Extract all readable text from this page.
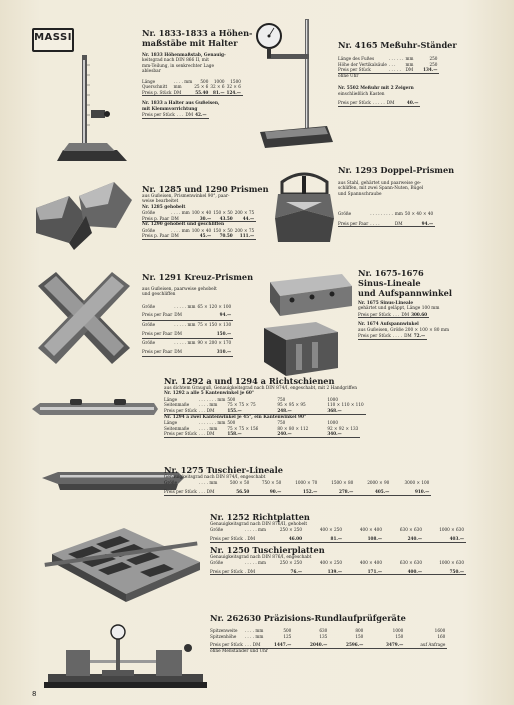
MASSI	Nr. 1833-1833 a Höhen-
maßstäbe mit Halter
Nr. 1833 Höhenmaßstab, Genauig-
keitsgrad nach DIN 866 II, mit
mm-Teilung, in senkrechter Lage
ablesbar
Länge	. . . . mm	500	1000	1500
Querschnitt	mm	25 × 6	32 × 6	32 × 6
Preis p. Stück	DM	55.40	81.—	124.—
Nr. 1833 a Halter aus Gußeisen,
mit Klemmvorrichtung
Preis per Stück	. . .	DM	42.—
Nr. 4165 Meßuhr-Ständer
Länge des Fußes	. . . . . .	mm	250
Höhe der Vertikalsäule	. . .	mm	250
Preis per Stück	. . . . .	DM	134.—
ohne Uhr
Nr. 5502 Meßuhr mit 2 Zeigern
einschließlich Kasten
Preis per Stück	. . . . .	DM	40.—
Nr. 1285 und 1290 Prismen
aus Gußeisen, Prismenwinkel 90°, paar-
weise bearbeitet
Nr. 1285 gehobelt
Größe	. . . . mm	100 × 40	150 × 50	200 × 75
Preis p. Paar	DM	30.—	43.50	44.—
Nr. 1290 gehobelt und geschliffen
Größe	. . . . mm	100 × 40	150 × 50	200 × 75
Preis p. Paar	DM	45.—	70.50	111.—
Nr. 1293 Doppel-Prismen
aus Stahl, gehärtet und paarweise ge-
schliffen, mit zwei Spann-Nuten, Bügel
und Spannschraube
Größe	. . . . . . . . .	mm	50 × 40 × 40

Preis per Paar	. . . .	DM	94.—
Nr. 1291 Kreuz-Prismen
aus Gußeisen, paarweise gehobelt
und geschliffen
Größe	. . . . . mm	65 × 120 × 100
Preis per Paar	DM	94.—
Größe	. . . . . mm	75 × 150 × 130
Preis per Paar	DM	150.—
Größe	. . . . . mm	90 × 200 × 170
Preis per Paar	DM	310.—
Nr. 1675-1676
Sinus-Lineale
und Aufspannwinkel
Nr. 1675 Sinus-Lineale
gehärtet und geläppt, Länge 100 mm
Preis per Stück	. . .	DM	300.60
Nr. 1674 Aufspannwinkel
aus Gußeisen, Größe 200 × 100 × 80 mm
Preis per Stück	. . . .	DM	72.—
Nr. 1292 a und 1294 a Richtschienen
aus dichtem Grauguß, Genauigkeitsgrad nach DIN 874/I, engeschabt, mit 2 Handgriffen
Nr. 1292 a alle 5 Kantenwinkel je 60°
Länge	. . . . . . . mm	500	750	1000
Seitenmaße	. . . . mm	75 × 75 × 75	95 × 95 × 95	110 × 110 × 110
Preis per Stück	. . . DM	155.—	248.—	368.—
Nr. 1294 a zwei Kantenwinkel je 45°, ein Kantenwinkel 90°
Länge	. . . . . . . mm	500	750	1000
Seitenmaße	. . . . mm	75 × 75 × 156	80 × 80 × 112	92 × 92 × 133
Preis per Stück	. . . DM	158.—	240.—	340.—
Nr. 1275 Tuschier-Lineale
Genauigkeitsgrad nach DIN 874/I, engeschabt
Größe	. . . . mm	500 × 50	750 × 50	1000 × 70	1500 × 80	2000 × 90	3000 × 100

Preis per Stück	. . . DM	56.50	90.—	152.—	278.—	405.—	910.—
Nr. 1252 Richtplatten
Genauigkeitsgrad nach DIN 876/II, gehobelt
Größe	. . . . . mm	250 × 250	400 × 250	400 × 400	630 × 630	1000 × 630

Preis per Stück	. DM	46.00	81.—	108.—	240.—	403.—
Nr. 1250 Tuschierplatten
Genauigkeitsgrad nach DIN 876/I, engeschabt
Größe	. . . . . mm	250 × 250	400 × 250	400 × 400	630 × 630	1000 × 630

Preis per Stück	. DM	76.—	139.—	171.—	400.—	750.—
Nr. 262630 Präzisions-Rundlaufprüfgeräte
Spitzenweite	. . . . mm	500	630	800	1000	1600
Spitzenhöhe	. . . . mm	125	135	150	150	160

Preis per Stück	. . . DM	1447.—	2040.—	2596.—	3479.—	auf Anfrage
ohne Meßständer und Uhr
8
